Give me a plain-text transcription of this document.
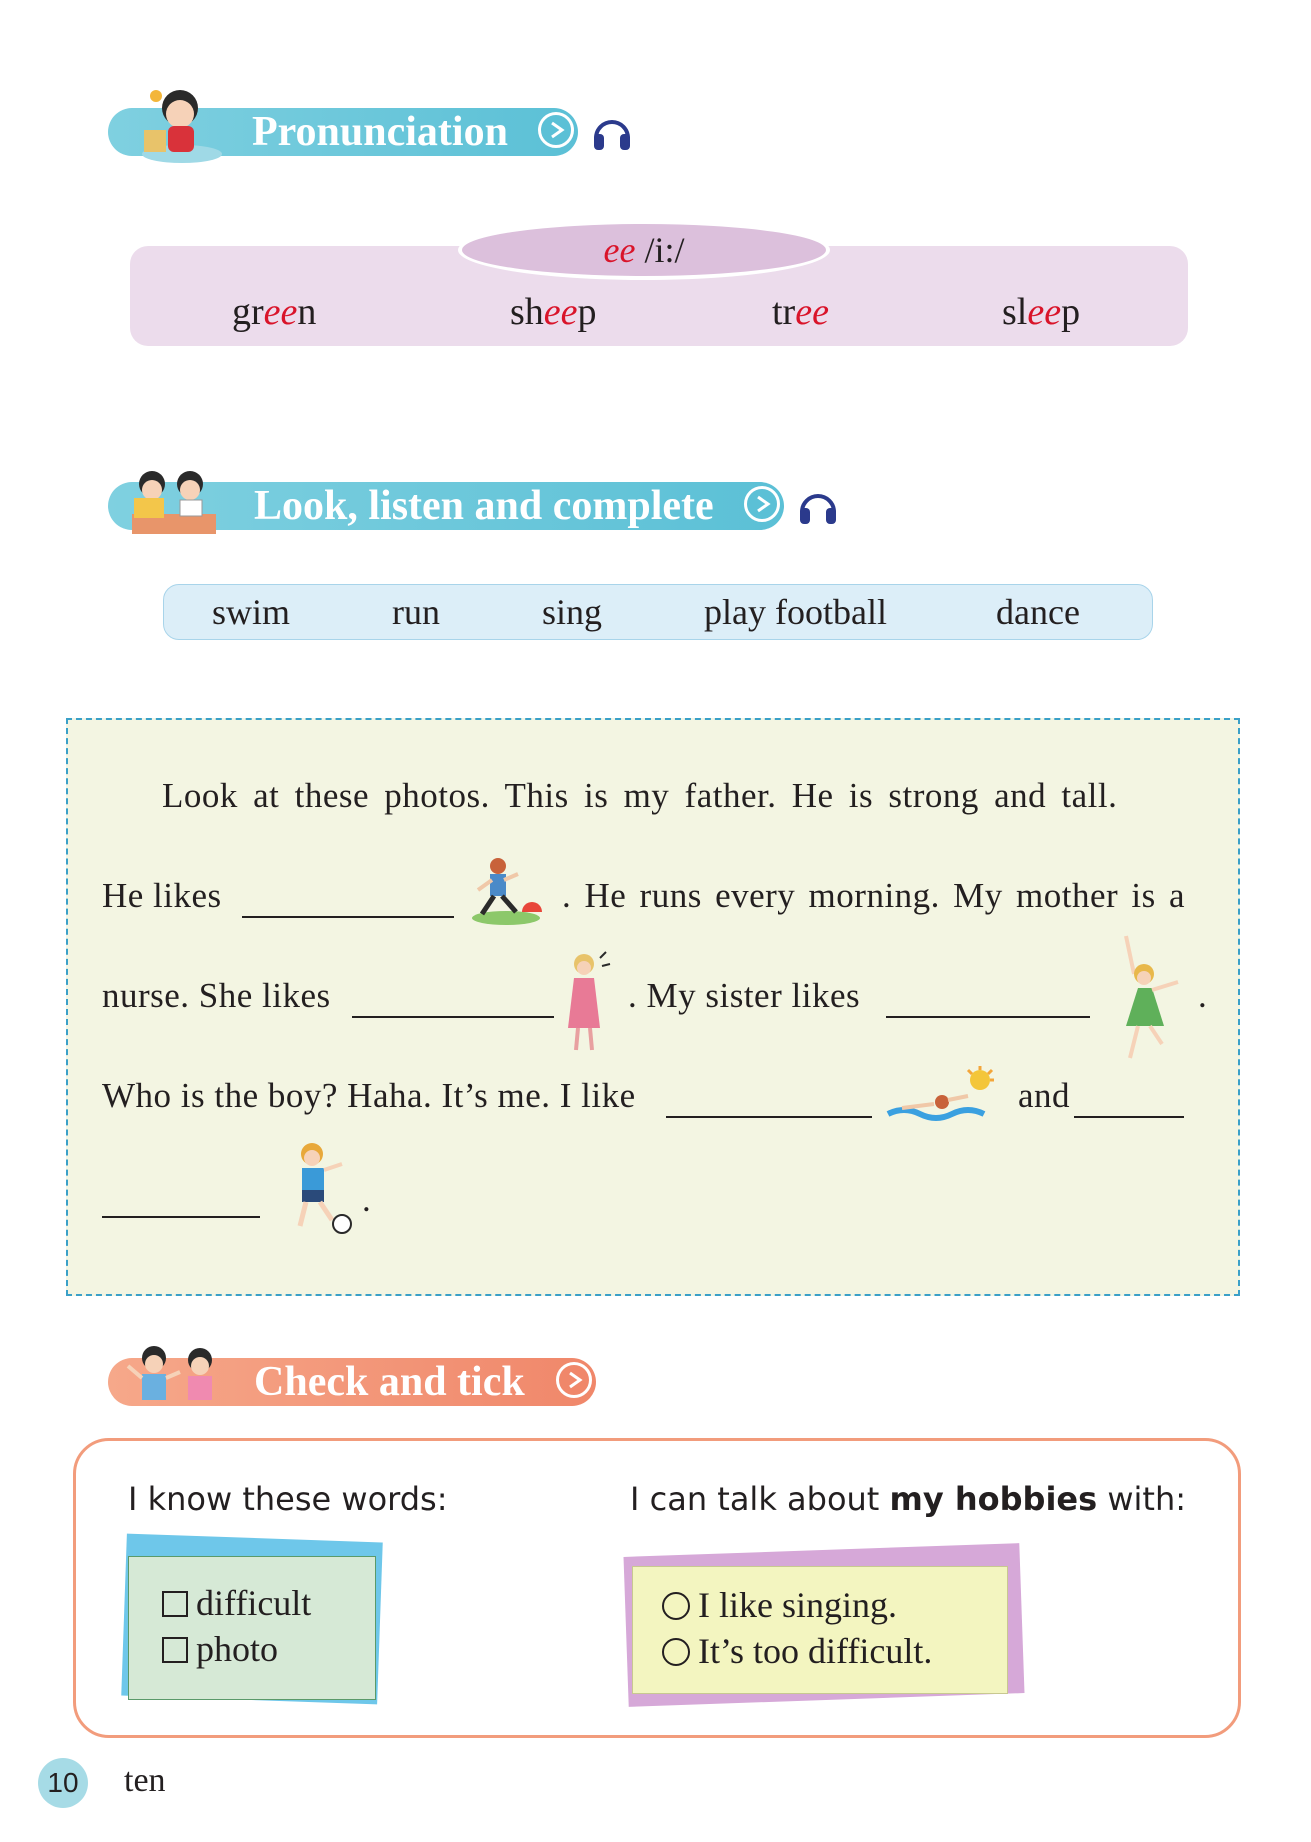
Pronunciation
ee /i:/
green	sheep	tree	sleep
Look, listen and complete
swim	run	sing	play football	dance
Look at these photos. This is my father. He is strong and tall.
He likes	. He runs every morning. My mother is a
nurse. She likes	. My sister likes	.
Who is the boy? Haha. It’s me. I like	and
.
Check and tick
I know these words:	I can talk about my hobbies with:
difficult
photo
I like singing.
It’s too difficult.
10 ten
